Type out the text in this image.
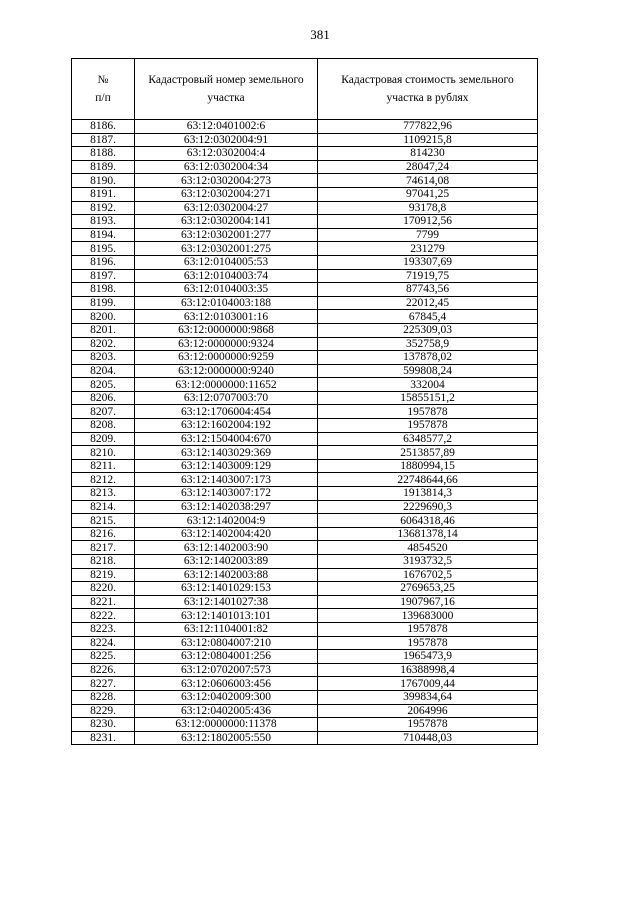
381
№
п/п	Кадастровый номер земельного участка	Кадастровая стоимость земельного участка в рублях

8186.	63:12:0401002:6	777822,96
8187.	63:12:0302004:91	1109215,8
8188.	63:12:0302004:4	814230
8189.	63:12:0302004:34	28047,24
8190.	63:12:0302004:273	74614,08
8191.	63:12:0302004:271	97041,25
8192.	63:12:0302004:27	93178,8
8193.	63:12:0302004:141	170912,56
8194.	63:12:0302001:277	7799
8195.	63:12:0302001:275	231279
8196.	63:12:0104005:53	193307,69
8197.	63:12:0104003:74	71919,75
8198.	63:12:0104003:35	87743,56
8199.	63:12:0104003:188	22012,45
8200.	63:12:0103001:16	67845,4
8201.	63:12:0000000:9868	225309,03
8202.	63:12:0000000:9324	352758,9
8203.	63:12:0000000:9259	137878,02
8204.	63:12:0000000:9240	599808,24
8205.	63:12:0000000:11652	332004
8206.	63:12:0707003:70	15855151,2
8207.	63:12:1706004:454	1957878
8208.	63:12:1602004:192	1957878
8209.	63:12:1504004:670	6348577,2
8210.	63:12:1403029:369	2513857,89
8211.	63:12:1403009:129	1880994,15
8212.	63:12:1403007:173	22748644,66
8213.	63:12:1403007:172	1913814,3
8214.	63:12:1402038:297	2229690,3
8215.	63:12:1402004:9	6064318,46
8216.	63:12:1402004:420	13681378,14
8217.	63:12:1402003:90	4854520
8218.	63:12:1402003:89	3193732,5
8219.	63:12:1402003:88	1676702,5
8220.	63:12:1401029:153	2769653,25
8221.	63:12:1401027:38	1907967,16
8222.	63:12:1401013:101	139683000
8223.	63:12:1104001:82	1957878
8224.	63:12:0804007:210	1957878
8225.	63:12:0804001:256	1965473,9
8226.	63:12:0702007:573	16388998,4
8227.	63:12:0606003:456	1767009,44
8228.	63:12:0402009:300	399834,64
8229.	63:12:0402005:436	2064996
8230.	63:12:0000000:11378	1957878
8231.	63:12:1802005:550	710448,03
